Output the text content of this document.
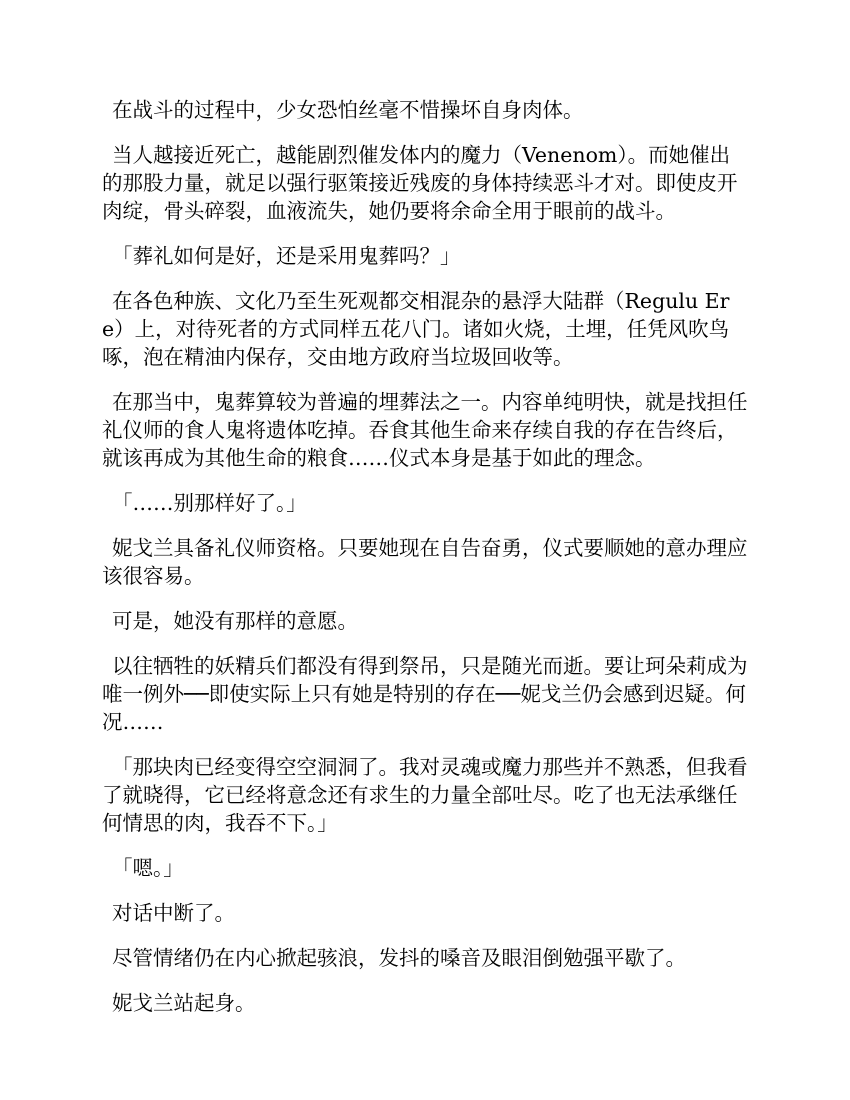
在战斗的过程中，少女恐怕丝毫不惜操坏自身肉体。

当人越接近死亡，越能剧烈催发体内的魔力（Venenom）。而她催出的那股力量，就足以强行驱策接近残废的身体持续恶斗才对。即使皮开肉绽，骨头碎裂，血液流失，她仍要将余命全用于眼前的战斗。

「葬礼如何是好，还是采用鬼葬吗？」

在各色种族、文化乃至生死观都交相混杂的悬浮大陆群（Regulu Ere）上，对待死者的方式同样五花八门。诸如火烧，土埋，任凭风吹鸟啄，泡在精油内保存，交由地方政府当垃圾回收等。

在那当中，鬼葬算较为普遍的埋葬法之一。内容单纯明快，就是找担任礼仪师的食人鬼将遗体吃掉。吞食其他生命来存续自我的存在告终后，就该再成为其他生命的粮食……仪式本身是基于如此的理念。

「……别那样好了。」

妮戈兰具备礼仪师资格。只要她现在自告奋勇，仪式要顺她的意办理应该很容易。

可是，她没有那样的意愿。

以往牺牲的妖精兵们都没有得到祭吊，只是随光而逝。要让珂朵莉成为唯一例外──即使实际上只有她是特别的存在──妮戈兰仍会感到迟疑。何况……

「那块肉已经变得空空洞洞了。我对灵魂或魔力那些并不熟悉，但我看了就晓得，它已经将意念还有求生的力量全部吐尽。吃了也无法承继任何情思的肉，我吞不下。」

「嗯。」

对话中断了。

尽管情绪仍在内心掀起骇浪，发抖的嗓音及眼泪倒勉强平歇了。

妮戈兰站起身。
